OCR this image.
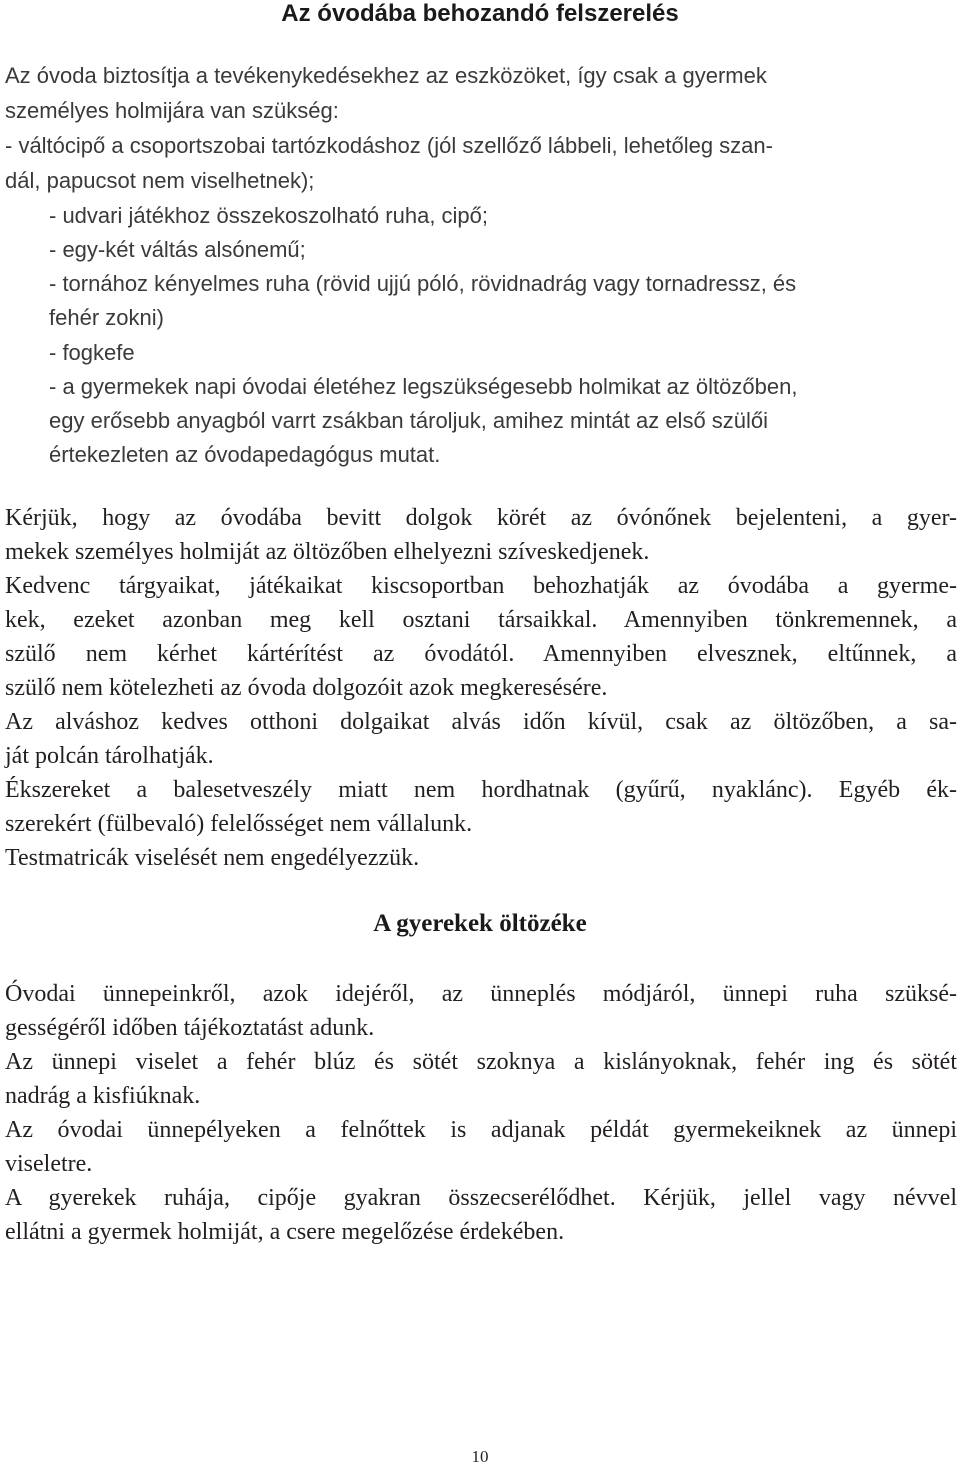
Az óvodába behozandó felszerelés
Az óvoda biztosítja a tevékenykedésekhez az eszközöket, így csak a gyermek
személyes holmijára van szükség:
- váltócipő a csoportszobai tartózkodáshoz (jól szellőző lábbeli, lehetőleg szan-
dál, papucsot nem viselhetnek);
- udvari játékhoz összekoszolható ruha, cipő;
- egy-két váltás alsónemű;
- tornához kényelmes ruha (rövid ujjú póló, rövidnadrág vagy tornadressz, és
fehér zokni)
- fogkefe
- a gyermekek napi óvodai életéhez legszükségesebb holmikat az öltözőben,
egy erősebb anyagból varrt zsákban tároljuk, amihez mintát az első szülői
értekezleten az óvodapedagógus mutat.
Kérjük, hogy az óvodába bevitt dolgok körét az óvónőnek bejelenteni, a gyer-
mekek személyes holmiját az öltözőben elhelyezni szíveskedjenek.
Kedvenc tárgyaikat, játékaikat kiscsoportban behozhatják az óvodába a gyerme-
kek, ezeket azonban meg kell osztani társaikkal. Amennyiben tönkremennek, a
szülő nem kérhet kártérítést az óvodától. Amennyiben elvesznek, eltűnnek, a
szülő nem kötelezheti az óvoda dolgozóit azok megkeresésére.
Az alváshoz kedves otthoni dolgaikat alvás időn kívül, csak az öltözőben, a sa-
ját polcán tárolhatják.
Ékszereket a balesetveszély miatt nem hordhatnak (gyűrű, nyaklánc). Egyéb ék-
szerekért (fülbevaló) felelősséget nem vállalunk.
Testmatricák viselését nem engedélyezzük.
A gyerekek öltözéke
Óvodai ünnepeinkről, azok idejéről, az ünneplés módjáról, ünnepi ruha szüksé-
gességéről időben tájékoztatást adunk.
Az ünnepi viselet a fehér blúz és sötét szoknya a kislányoknak, fehér ing és sötét
nadrág a kisfiúknak.
Az óvodai ünnepélyeken a felnőttek is adjanak példát gyermekeiknek az ünnepi
viseletre.
A gyerekek ruhája, cipője gyakran összecserélődhet. Kérjük, jellel vagy névvel
ellátni a gyermek holmiját, a csere megelőzése érdekében.
10
